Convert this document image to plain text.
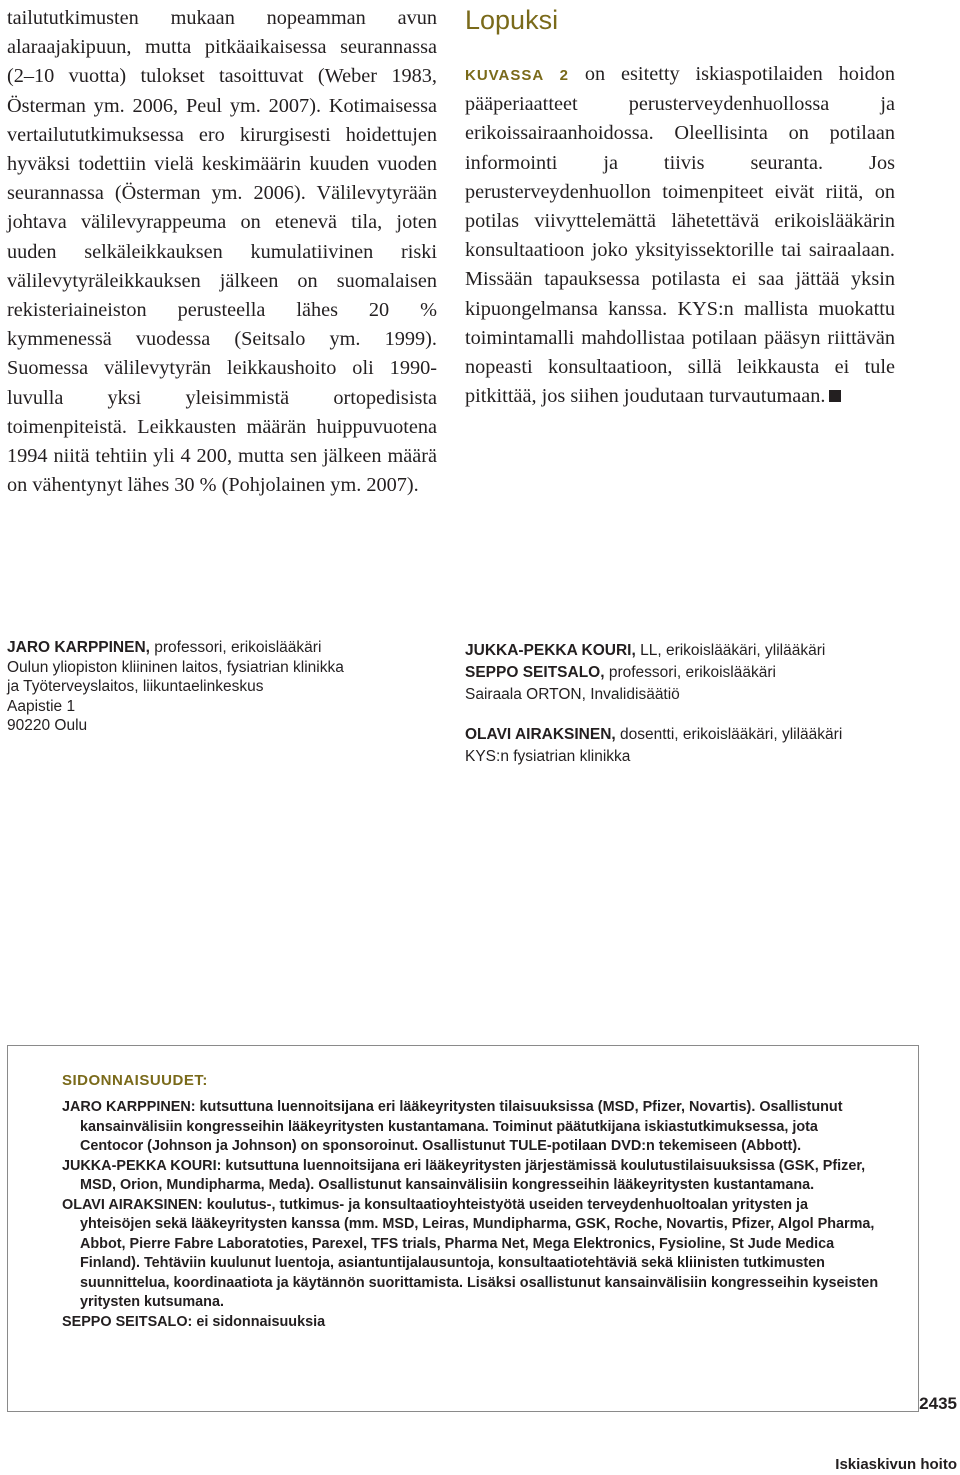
tailututkimusten mukaan nopeamman avun alaraajakipuun, mutta pitkäaikaisessa seurannassa (2–10 vuotta) tulokset tasoittuvat (Weber 1983, Österman ym. 2006, Peul ym. 2007). Kotimaisessa vertailututkimuksessa ero kirurgisesti hoidettujen hyväksi todettiin vielä keskimäärin kuuden vuoden seurannassa (Österman ym. 2006). Välilevytyrään johtava välilevyrappeuma on etenevä tila, joten uuden selkäleikkauksen kumulatiivinen riski välilevytyräleikkauksen jälkeen on suomalaisen rekisteriaineiston perusteella lähes 20 % kymmenessä vuodessa (Seitsalo ym. 1999). Suomessa välilevytyrän leikkaushoito oli 1990-luvulla yksi yleisimmistä ortopedisista toimenpiteistä. Leikkausten määrän huippuvuotena 1994 niitä tehtiin yli 4 200, mutta sen jälkeen määrä on vähentynyt lähes 30 % (Pohjolainen ym. 2007).
Lopuksi

KUVASSA 2 on esitetty iskiaspotilaiden hoidon pääperiaatteet perusterveydenhuollossa ja erikoissairaanhoidossa. Oleellisinta on potilaan informointi ja tiivis seuranta. Jos perusterveydenhuollon toimenpiteet eivät riitä, on potilas viivyttelemättä lähetettävä erikoislääkärin konsultaatioon joko yksityissektorille tai sairaalaan. Missään tapauksessa potilasta ei saa jättää yksin kipuongelmansa kanssa. KYS:n mallista muokattu toimintamalli mahdollistaa potilaan pääsyn riittävän nopeasti konsultaatioon, sillä leikkausta ei tule pitkittää, jos siihen joudutaan turvautumaan.

JARO KARPPINEN, professori, erikoislääkäri
Oulun yliopiston kliininen laitos, fysiatrian klinikka
ja Työterveyslaitos, liikuntaelinkeskus
Aapistie 1
90220 Oulu
JUKKA-PEKKA KOURI, LL, erikoislääkäri, ylilääkäri
SEPPO SEITSALO, professori, erikoislääkäri
Sairaala ORTON, Invalidisäätiö
OLAVI AIRAKSINEN, dosentti, erikoislääkäri, ylilääkäri
KYS:n fysiatrian klinikka
SIDONNAISUUDET:

JARO KARPPINEN: kutsuttuna luennoitsijana eri lääkeyritysten tilaisuuksissa (MSD, Pfizer, Novartis). Osallistunut kansainvälisiin kongresseihin lääkeyritysten kustantamana. Toiminut päätutkijana iskiastutkimuksessa, jota Centocor (Johnson ja Johnson) on sponsoroinut. Osallistunut TULE-potilaan DVD:n tekemiseen (Abbott).

JUKKA-PEKKA KOURI: kutsuttuna luennoitsijana eri lääkeyritysten järjestämissä koulutustilaisuuksissa (GSK, Pfizer, MSD, Orion, Mundipharma, Meda). Osallistunut kansainvälisiin kongresseihin lääkeyritysten kustantamana.

OLAVI AIRAKSINEN: koulutus-, tutkimus- ja konsultaatioyhteistyötä useiden terveydenhuoltoalan yritysten ja yhteisöjen sekä lääkeyritysten kanssa (mm. MSD, Leiras, Mundipharma, GSK, Roche, Novartis, Pfizer, Algol Pharma, Abbot, Pierre Fabre Laboratoties, Parexel, TFS trials, Pharma Net, Mega Elektronics, Fysioline, St Jude Medica Finland). Tehtäviin kuulunut luentoja, asiantuntijalausuntoja, konsultaatiotehtäviä sekä kliinisten tutkimusten suunnittelua, koordinaatiota ja käytännön suorittamista. Lisäksi osallistunut kansainvälisiin kongresseihin kyseisten yritysten kutsumana.

SEPPO SEITSALO: ei sidonnaisuuksia

2435
Iskiaskivun hoito
